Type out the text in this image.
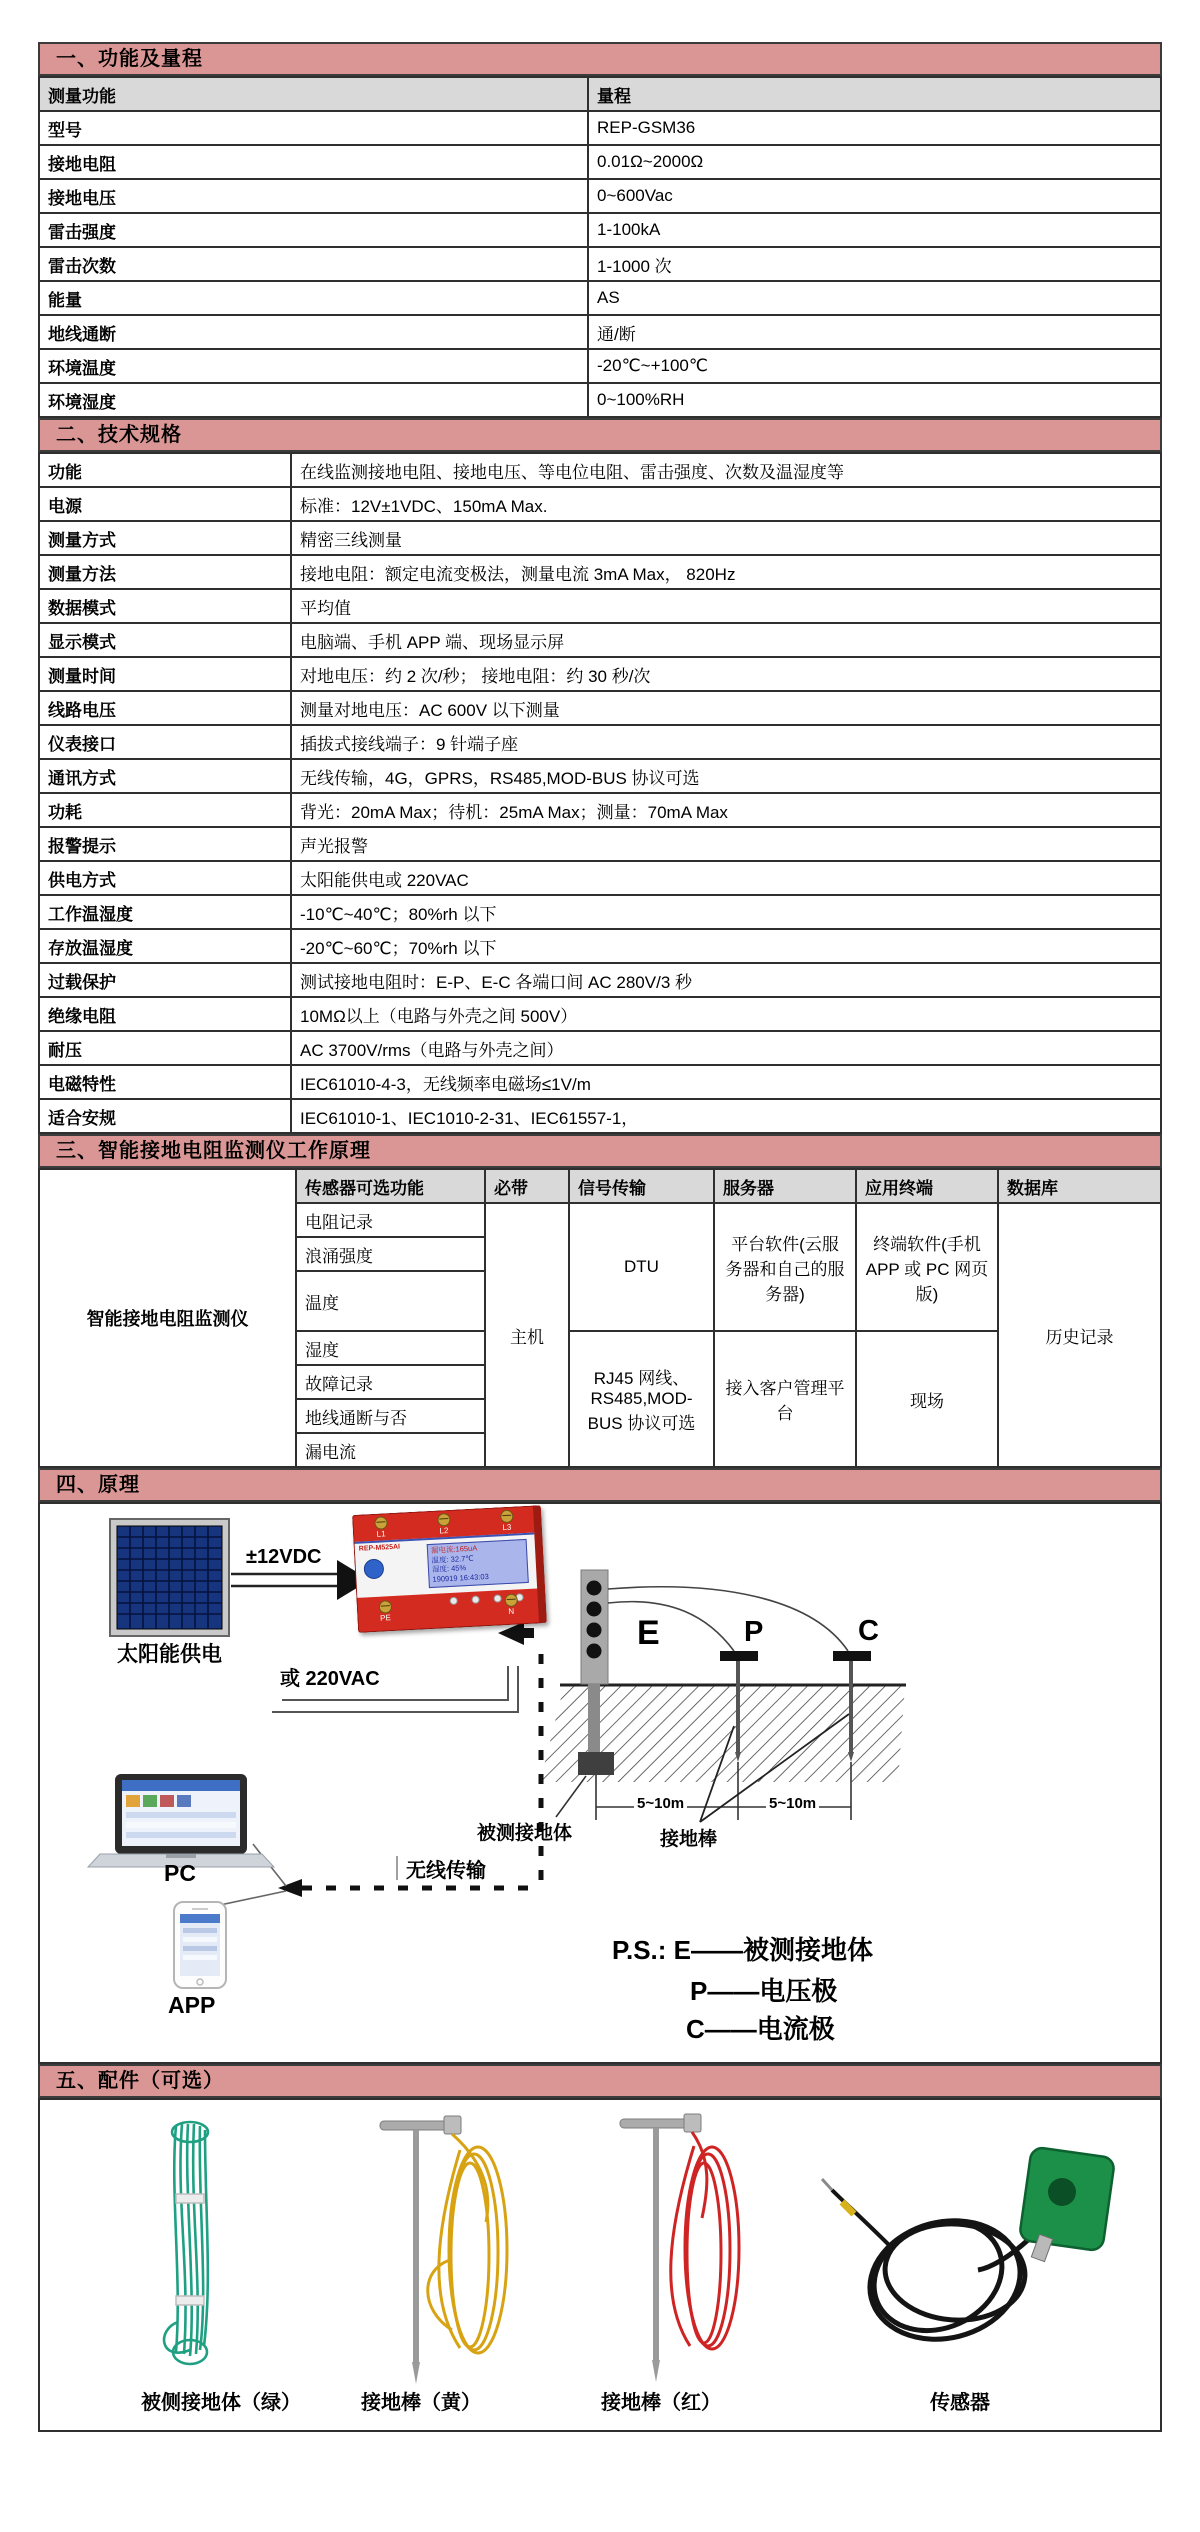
一、功能及量程
测量功能	量程
型号	REP-GSM36
接地电阻	0.01Ω~2000Ω
接地电压	0~600Vac
雷击强度	1-100kA
雷击次数	1-1000 次
能量	AS
地线通断	通/断
环境温度	-20℃~+100℃
环境湿度	0~100%RH
二、技术规格
功能	在线监测接地电阻、接地电压、等电位电阻、雷击强度、次数及温湿度等
电源	标准：12V±1VDC、150mA Max.
测量方式	精密三线测量
测量方法	接地电阻：额定电流变极法，测量电流 3mA Max， 820Hz
数据模式	平均值
显示模式	电脑端、手机 APP 端、现场显示屏
测量时间	对地电压：约 2 次/秒； 接地电阻：约 30 秒/次
线路电压	测量对地电压：AC 600V 以下测量
仪表接口	插拔式接线端子：9 针端子座
通讯方式	无线传输，4G，GPRS，RS485,MOD-BUS 协议可选
功耗	背光：20mA Max；待机：25mA Max；测量：70mA Max
报警提示	声光报警
供电方式	太阳能供电或 220VAC
工作温湿度	-10℃~40℃；80%rh 以下
存放温湿度	-20℃~60℃；70%rh 以下
过载保护	测试接地电阻时：E-P、E-C 各端口间 AC 280V/3 秒
绝缘电阻	10MΩ以上（电路与外壳之间 500V）
耐压	AC 3700V/rms（电路与外壳之间）
电磁特性	IEC61010-4-3，无线频率电磁场≤1V/m
适合安规	IEC61010-1、IEC1010-2-31、IEC61557-1，
三、智能接地电阻监测仪工作原理
智能接地电阻监测仪	传感器可选功能	必带	信号传输	服务器	应用终端	数据库
	电阻记录	主机	DTU	平台软件(云服务器和自己的服务器)	终端软件(手机 APP 或 PC 网页版)	历史记录
	浪涌强度					
	温度					
	湿度		RJ45 网线、RS485,MOD-BUS 协议可选	接入客户管理平台	现场	
	故障记录					
	地线通断与否					
	漏电流					
四、原理
L1	L2	L3
REP-M525AI	漏电流:165uA
温度: 32.7℃
湿度: 45%
190919 16:43:03
PE
N
太阳能供电
±12VDC
或 220VAC
E	P	C
5~10m	5~10m
被测接地体	接地棒
无线传输
PC
APP
P.S.: E——被测接地体
P——电压极
C——电流极
五、配件（可选）
被侧接地体（绿）	接地棒（黄）	接地棒（红）	传感器
